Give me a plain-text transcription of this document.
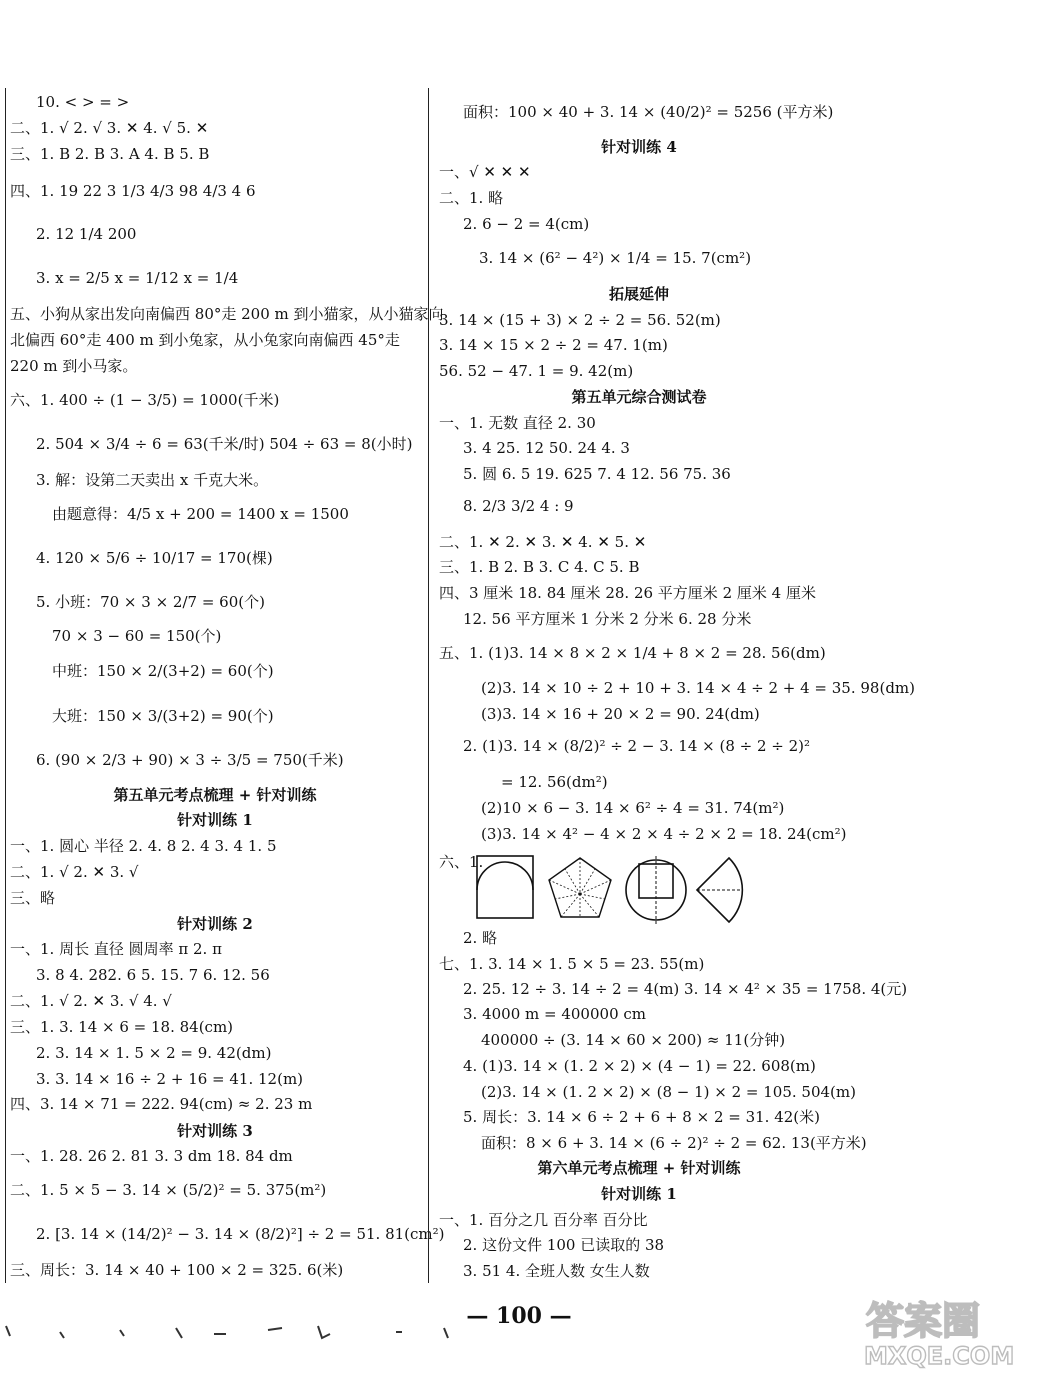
10. < > = >
二、1. √ 2. √ 3. ✕ 4. √ 5. ✕
三、1. B 2. B 3. A 4. B 5. B
四、1. 19 22 3 1/3 4/3 98 4/3 4 6
2. 12 1/4 200
3. x = 2/5 x = 1/12 x = 1/4
五、小狗从家出发向南偏西 80°走 200 m 到小猫家，从小猫家向
北偏西 60°走 400 m 到小兔家，从小兔家向南偏西 45°走
220 m 到小马家。
六、1. 400 ÷ (1 − 3/5) = 1000(千米)
2. 504 × 3/4 ÷ 6 = 63(千米/时) 504 ÷ 63 = 8(小时)
3. 解：设第二天卖出 x 千克大米。
由题意得：4/5 x + 200 = 1400 x = 1500
4. 120 × 5/6 ÷ 10/17 = 170(棵)
5. 小班：70 × 3 × 2/7 = 60(个)
70 × 3 − 60 = 150(个)
中班：150 × 2/(3+2) = 60(个)
大班：150 × 3/(3+2) = 90(个)
6. (90 × 2/3 + 90) × 3 ÷ 3/5 = 750(千米)
第五单元考点梳理 + 针对训练
针对训练 1
一、1. 圆心 半径 2. 4. 8 2. 4 3. 4 1. 5
二、1. √ 2. ✕ 3. √
三、略
针对训练 2
一、1. 周长 直径 圆周率 π 2. π
3. 8 4. 282. 6 5. 15. 7 6. 12. 56
二、1. √ 2. ✕ 3. √ 4. √
三、1. 3. 14 × 6 = 18. 84(cm)
2. 3. 14 × 1. 5 × 2 = 9. 42(dm)
3. 3. 14 × 16 ÷ 2 + 16 = 41. 12(m)
四、3. 14 × 71 = 222. 94(cm) ≈ 2. 23 m
针对训练 3
一、1. 28. 26 2. 81 3. 3 dm 18. 84 dm
二、1. 5 × 5 − 3. 14 × (5/2)² = 5. 375(m²)
2. [3. 14 × (14/2)² − 3. 14 × (8/2)²] ÷ 2 = 51. 81(cm²)
三、周长：3. 14 × 40 + 100 × 2 = 325. 6(米)
面积：100 × 40 + 3. 14 × (40/2)² = 5256 (平方米)
针对训练 4
一、√ ✕ ✕ ✕
二、1. 略
2. 6 − 2 = 4(cm)
3. 14 × (6² − 4²) × 1/4 = 15. 7(cm²)
拓展延伸
3. 14 × (15 + 3) × 2 ÷ 2 = 56. 52(m)
3. 14 × 15 × 2 ÷ 2 = 47. 1(m)
56. 52 − 47. 1 = 9. 42(m)
第五单元综合测试卷
一、1. 无数 直径 2. 30
3. 4 25. 12 50. 24 4. 3
5. 圆 6. 5 19. 625 7. 4 12. 56 75. 36
8. 2/3 3/2 4 : 9
二、1. ✕ 2. ✕ 3. ✕ 4. ✕ 5. ✕
三、1. B 2. B 3. C 4. C 5. B
四、3 厘米 18. 84 厘米 28. 26 平方厘米 2 厘米 4 厘米
12. 56 平方厘米 1 分米 2 分米 6. 28 分米
五、1. (1)3. 14 × 8 × 2 × 1/4 + 8 × 2 = 28. 56(dm)
(2)3. 14 × 10 ÷ 2 + 10 + 3. 14 × 4 ÷ 2 + 4 = 35. 98(dm)
(3)3. 14 × 16 + 20 × 2 = 90. 24(dm)
2. (1)3. 14 × (8/2)² ÷ 2 − 3. 14 × (8 ÷ 2 ÷ 2)²
= 12. 56(dm²)
(2)10 × 6 − 3. 14 × 6² ÷ 4 = 31. 74(m²)
(3)3. 14 × 4² − 4 × 2 × 4 ÷ 2 × 2 = 18. 24(cm²)
六、1.
2. 略
七、1. 3. 14 × 1. 5 × 5 = 23. 55(m)
2. 25. 12 ÷ 3. 14 ÷ 2 = 4(m) 3. 14 × 4² × 35 = 1758. 4(元)
3. 4000 m = 400000 cm
400000 ÷ (3. 14 × 60 × 200) ≈ 11(分钟)
4. (1)3. 14 × (1. 2 × 2) × (4 − 1) = 22. 608(m)
(2)3. 14 × (1. 2 × 2) × (8 − 1) × 2 = 105. 504(m)
5. 周长：3. 14 × 6 ÷ 2 + 6 + 8 × 2 = 31. 42(米)
面积：8 × 6 + 3. 14 × (6 ÷ 2)² ÷ 2 = 62. 13(平方米)
第六单元考点梳理 + 针对训练
针对训练 1
一、1. 百分之几 百分率 百分比
2. 这份文件 100 已读取的 38
3. 51 4. 全班人数 女生人数
— 100 —	答案圈
MXQE.COM
